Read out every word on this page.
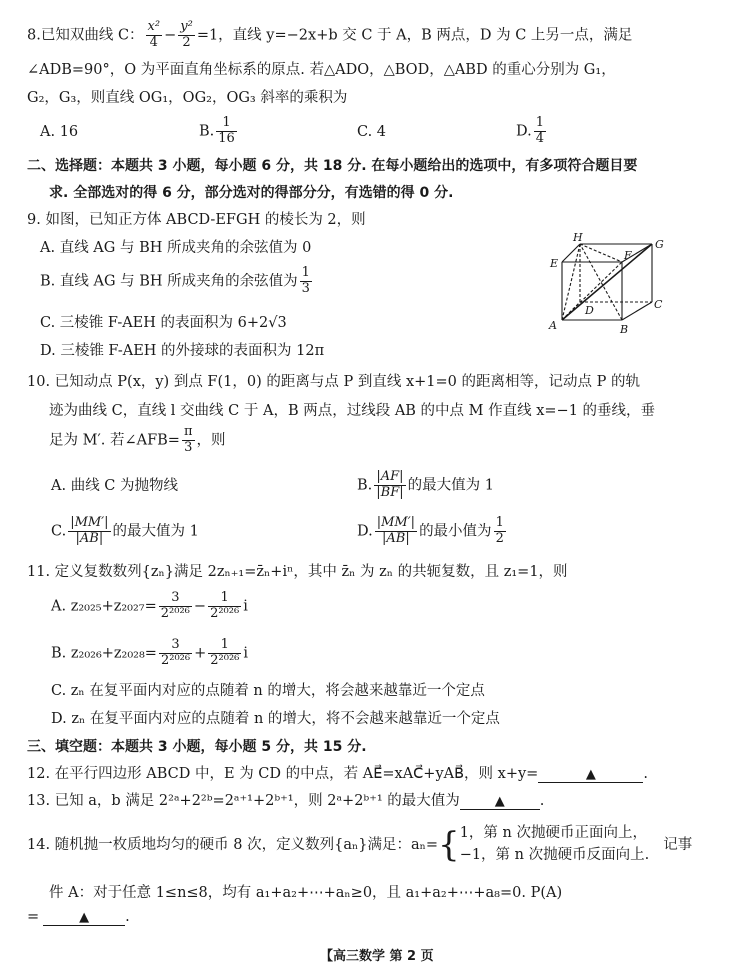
8.已知双曲线 C： $\frac{\text{x²}}{4} - \frac{\text{y²}}{2} =1$，直线 y=−2x+b 交 C 于 A，B 两点，D 为 C 上另一点，满足
∠ADB=90°，O 为平面直角坐标系的原点. 若△ADO，△BOD，△ABD 的重心分别为 G₁，
G₂，G₃，则直线 OG₁，OG₂，OG₃ 斜率的乘积为
A. 16	B. $\frac{1}{16}$	C. 4	D. $\frac{1}{4}$
二、选择题：本题共 3 小题，每小题 6 分，共 18 分. 在每小题给出的选项中，有多项符合题目要
求. 全部选对的得 6 分，部分选对的得部分分，有选错的得 0 分.
9. 如图，已知正方体 ABCD-EFGH 的棱长为 2，则
A. 直线 AG 与 BH 所成夹角的余弦值为 0
B. 直线 AG 与 BH 所成夹角的余弦值为 $\frac{1}{3}$
C. 三棱锥 F-AEH 的表面积为 6+2√3
D. 三棱锥 F-AEH 的外接球的表面积为 12π
H
F
G
E
D	C
A	B
10. 已知动点 P(x，y) 到点 F(1，0) 的距离与点 P 到直线 x+1=0 的距离相等，记动点 P 的轨
迹为曲线 C，直线 l 交曲线 C 于 A，B 两点，过线段 AB 的中点 M 作直线 x=−1 的垂线，垂
足为 M′. 若∠AFB= $\frac{\pi}{3}$ ，则
A. 曲线 C 为抛物线	B. $\frac{|AF|}{|BF|}$ 的最大值为 1
C. $\frac{|MM'|}{|AB|}$ 的最大值为 1	D. $\frac{|MM'|}{|AB|}$ 的最小值为 $\frac{1}{2}$
11. 定义复数数列{zₙ}满足 2zₙ₊₁=z̄ₙ+iⁿ，其中 z̄ₙ 为 zₙ 的共轭复数，且 z₁=1，则
A. $z_{2025}+z_{2027}= \frac{3}{\text{2²⁰²⁶}} - \frac{1}{\text{2²⁰²⁶}}$ i
B. $z_{2026}+z_{2028}= \frac{3}{\text{2²⁰²⁶}} + \frac{1}{\text{2²⁰²⁶}}$ i
C. zₙ 在复平面内对应的点随着 n 的增大，将会越来越靠近一个定点
D. zₙ 在复平面内对应的点随着 n 的增大，将不会越来越靠近一个定点
三、填空题：本题共 3 小题，每小题 5 分，共 15 分.
12. 在平行四边形 ABCD 中，E 为 CD 的中点，若 AE⃗=xAC⃗+yAB⃗，则 x+y=	▲	.
13. 已知 a，b 满足 2²ᵃ+2²ᵇ=2ᵃ⁺¹+2ᵇ⁺¹，则 2ᵃ+2ᵇ⁺¹ 的最大值为	▲ .
14. 随机抛一枚质地均匀的硬币 8 次，定义数列{aₙ}满足：aₙ={ 1，第 n 次抛硬币正面向上，
−1，第 n 次抛硬币反面向上.
记事
件 A：对于任意 1≤n≤8，均有 a₁+a₂+⋯+aₙ≥0，且 a₁+a₂+⋯+a₈=0. P(A)
=	▲ .
【高三数学 第 2 页
